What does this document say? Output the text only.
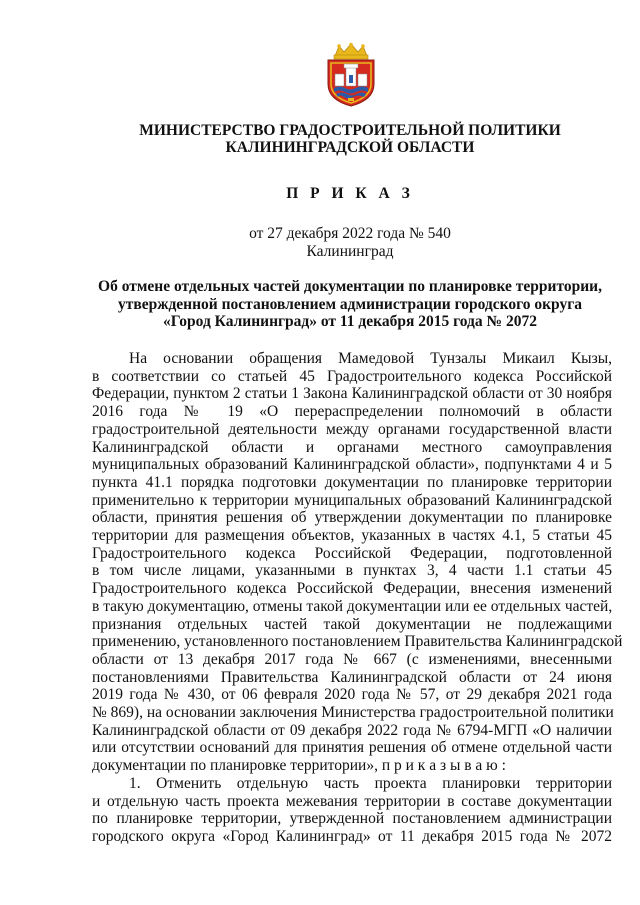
МИНИСТЕРСТВО ГРАДОСТРОИТЕЛЬНОЙ ПОЛИТИКИ
КАЛИНИНГРАДСКОЙ ОБЛАСТИ
П Р И К А З
от 27 декабря 2022 года № 540
Калининград
Об отмене отдельных частей документации по планировке территории,
утвержденной постановлением администрации городского округа
«Город Калининград» от 11 декабря 2015 года № 2072
На основании обращения Мамедовой Тунзалы Микаил Кызы,
в соответствии со статьей 45 Градостроительного кодекса Российской
Федерации, пунктом 2 статьи 1 Закона Калининградской области от 30 ноября
2016 года № 19 «О перераспределении полномочий в области
градостроительной деятельности между органами государственной власти
Калининградской области и органами местного самоуправления
муниципальных образований Калининградской области», подпунктами 4 и 5
пункта 41.1 порядка подготовки документации по планировке территории
применительно к территории муниципальных образований Калининградской
области, принятия решения об утверждении документации по планировке
территории для размещения объектов, указанных в частях 4.1, 5 статьи 45
Градостроительного кодекса Российской Федерации, подготовленной
в том числе лицами, указанными в пунктах 3, 4 части 1.1 статьи 45
Градостроительного кодекса Российской Федерации, внесения изменений
в такую документацию, отмены такой документации или ее отдельных частей,
признания отдельных частей такой документации не подлежащими
применению, установленного постановлением Правительства Калининградской
области от 13 декабря 2017 года № 667 (с изменениями, внесенными
постановлениями Правительства Калининградской области от 24 июня
2019 года № 430, от 06 февраля 2020 года № 57, от 29 декабря 2021 года
№ 869), на основании заключения Министерства градостроительной политики
Калининградской области от 09 декабря 2022 года № 6794-МГП «О наличии
или отсутствии оснований для принятия решения об отмене отдельной части
документации по планировке территории», п р и к а з ы в а ю :
1. Отменить отдельную часть проекта планировки территории
и отдельную часть проекта межевания территории в составе документации
по планировке территории, утвержденной постановлением администрации
городского округа «Город Калининград» от 11 декабря 2015 года № 2072
